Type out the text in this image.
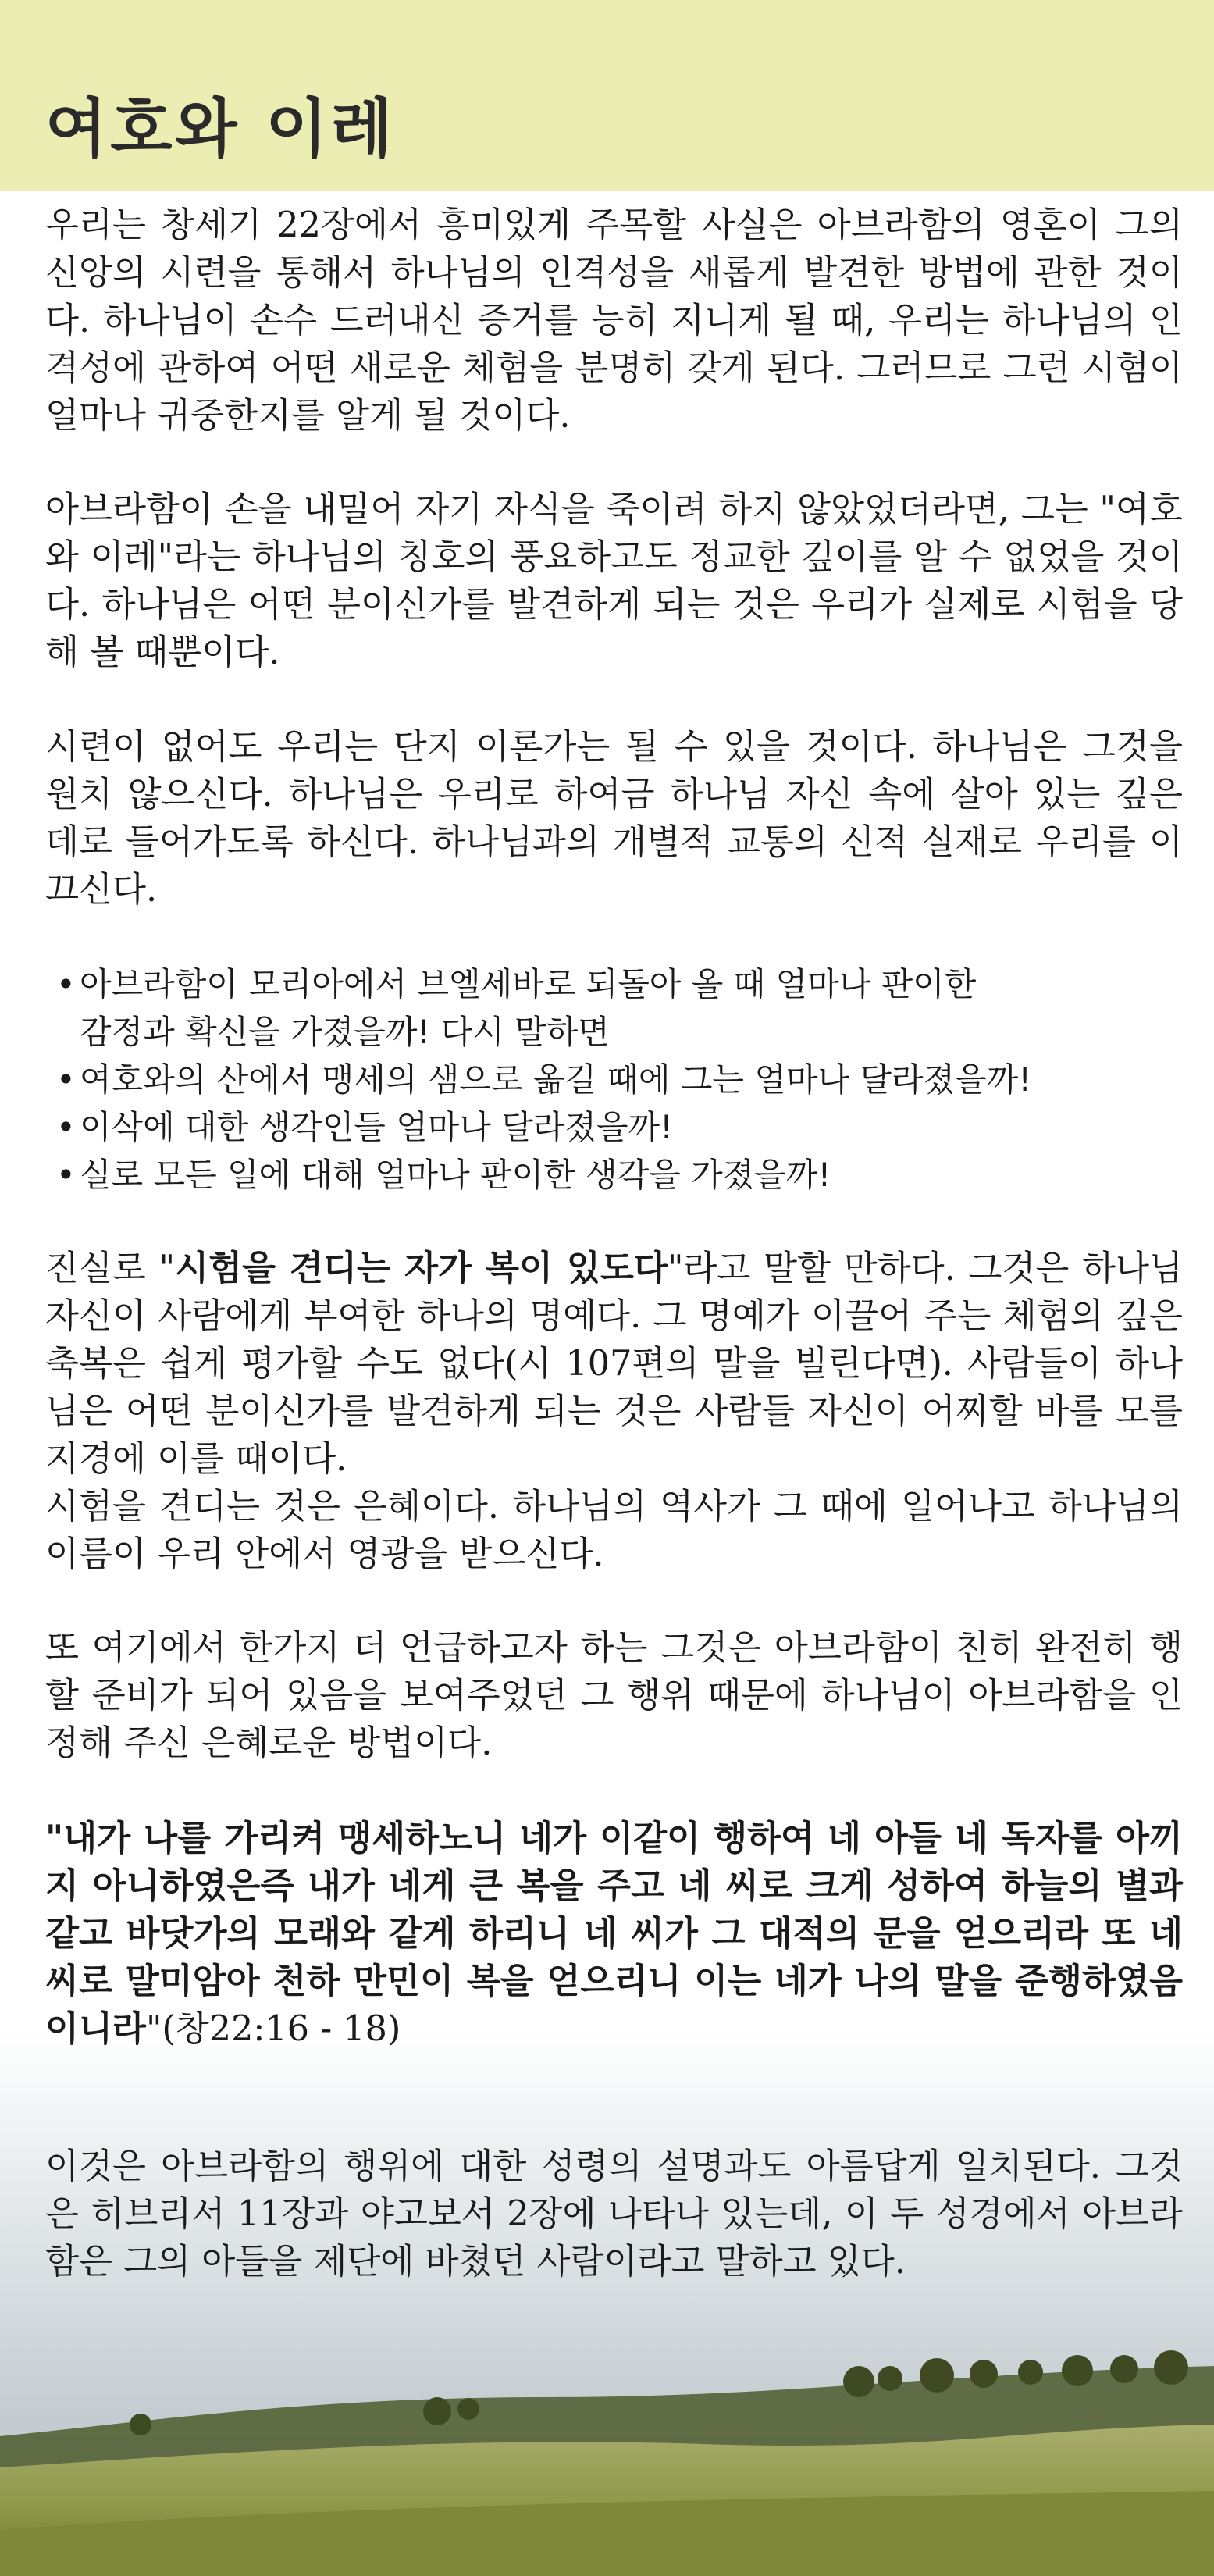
여호와 이레

우리는 창세기 22장에서 흥미있게 주목할 사실은 아브라함의 영혼이 그의 신앙의 시련을 통해서 하나님의 인격성을 새롭게 발견한 방법에 관한 것이다. 하나님이 손수 드러내신 증거를 능히 지니게 될 때, 우리는 하나님의 인격성에 관하여 어떤 새로운 체험을 분명히 갖게 된다. 그러므로 그런 시험이 얼마나 귀중한지를 알게 될 것이다.

아브라함이 손을 내밀어 자기 자식을 죽이려 하지 않았었더라면, 그는 "여호와 이레"라는 하나님의 칭호의 풍요하고도 정교한 깊이를 알 수 없었을 것이다. 하나님은 어떤 분이신가를 발견하게 되는 것은 우리가 실제로 시험을 당해 볼 때뿐이다.

시련이 없어도 우리는 단지 이론가는 될 수 있을 것이다. 하나님은 그것을 원치 않으신다. 하나님은 우리로 하여금 하나님 자신 속에 살아 있는 깊은 데로 들어가도록 하신다. 하나님과의 개별적 교통의 신적 실재로 우리를 이끄신다.

• 아브라함이 모리아에서 브엘세바로 되돌아 올 때 얼마나 판이한
감정과 확신을 가졌을까! 다시 말하면
• 여호와의 산에서 맹세의 샘으로 옮길 때에 그는 얼마나 달라졌을까!
• 이삭에 대한 생각인들 얼마나 달라졌을까!
• 실로 모든 일에 대해 얼마나 판이한 생각을 가졌을까!

진실로 "시험을 견디는 자가 복이 있도다"라고 말할 만하다. 그것은 하나님 자신이 사람에게 부여한 하나의 명예다. 그 명예가 이끌어 주는 체험의 깊은 축복은 쉽게 평가할 수도 없다(시 107편의 말을 빌린다면). 사람들이 하나님은 어떤 분이신가를 발견하게 되는 것은 사람들 자신이 어찌할 바를 모를 지경에 이를 때이다.

시험을 견디는 것은 은혜이다. 하나님의 역사가 그 때에 일어나고 하나님의 이름이 우리 안에서 영광을 받으신다.

또 여기에서 한가지 더 언급하고자 하는 그것은 아브라함이 친히 완전히 행할 준비가 되어 있음을 보여주었던 그 행위 때문에 하나님이 아브라함을 인정해 주신 은혜로운 방법이다.

"내가 나를 가리켜 맹세하노니 네가 이같이 행하여 네 아들 네 독자를 아끼지 아니하였은즉 내가 네게 큰 복을 주고 네 씨로 크게 성하여 하늘의 별과 같고 바닷가의 모래와 같게 하리니 네 씨가 그 대적의 문을 얻으리라 또 네 씨로 말미암아 천하 만민이 복을 얻으리니 이는 네가 나의 말을 준행하였음이니라"(창22:16 - 18)

이것은 아브라함의 행위에 대한 성령의 설명과도 아름답게 일치된다. 그것은 히브리서 11장과 야고보서 2장에 나타나 있는데, 이 두 성경에서 아브라함은 그의 아들을 제단에 바쳤던 사람이라고 말하고 있다.
